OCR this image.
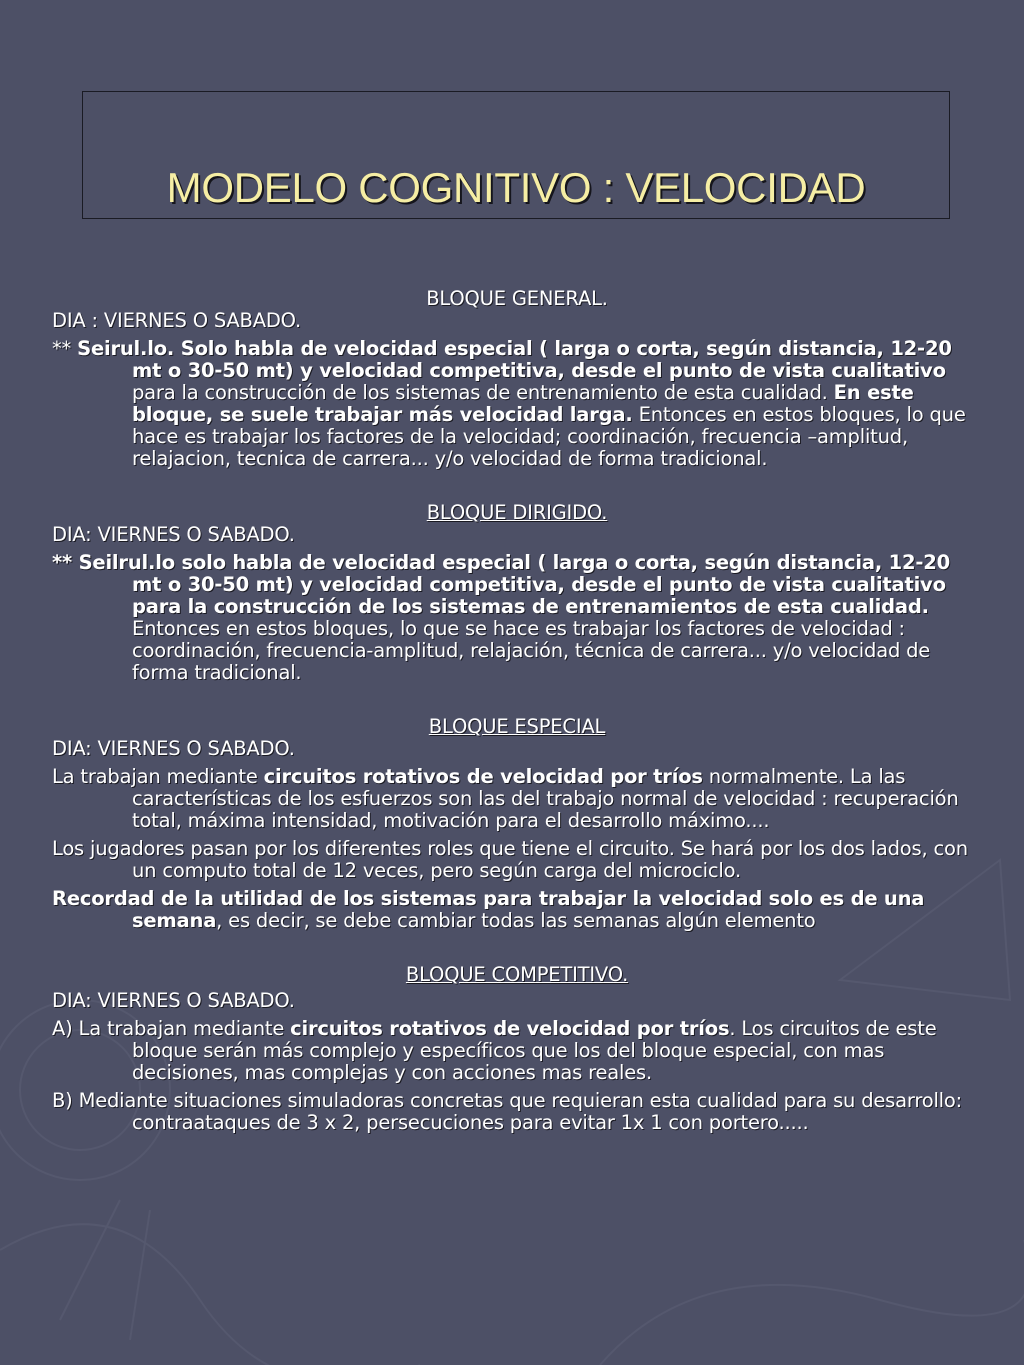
MODELO COGNITIVO : VELOCIDAD

BLOQUE GENERAL.

DIA : VIERNES O SABADO.

** Seirul.lo. Solo habla de velocidad especial ( larga o corta, según distancia, 12-20 mt o 30-50 mt) y velocidad competitiva, desde el punto de vista cualitativo para la construcción de los sistemas de entrenamiento de esta cualidad. En este bloque, se suele trabajar más velocidad larga. Entonces en estos bloques, lo que hace es trabajar los factores de la velocidad; coordinación, frecuencia –amplitud, relajacion, tecnica de carrera... y/o velocidad de forma tradicional.

BLOQUE DIRIGIDO.

DIA: VIERNES O SABADO.

** Seilrul.lo solo habla de velocidad especial ( larga o corta, según distancia, 12-20 mt o 30-50 mt) y velocidad competitiva, desde el punto de vista cualitativo para la construcción de los sistemas de entrenamientos de esta cualidad. Entonces en estos bloques, lo que se hace es trabajar los factores de velocidad : coordinación, frecuencia-amplitud, relajación, técnica de carrera... y/o velocidad de forma tradicional.

BLOQUE ESPECIAL

DIA: VIERNES O SABADO.

La trabajan mediante circuitos rotativos de velocidad por tríos normalmente. La las características de los esfuerzos son las del trabajo normal de velocidad : recuperación total, máxima intensidad, motivación para el desarrollo máximo....

Los jugadores pasan por los diferentes roles que tiene el circuito. Se hará por los dos lados, con un computo total de 12 veces, pero según carga del microciclo.

Recordad de la utilidad de los sistemas para trabajar la velocidad solo es de una semana, es decir, se debe cambiar todas las semanas algún elemento

BLOQUE COMPETITIVO.

DIA: VIERNES O SABADO.

A) La trabajan mediante circuitos rotativos de velocidad por tríos. Los circuitos de este bloque serán más complejo y específicos que los del bloque especial, con mas decisiones, mas complejas y con acciones mas reales.

B) Mediante situaciones simuladoras concretas que requieran esta cualidad para su desarrollo: contraataques de 3 x 2, persecuciones para evitar 1x 1 con portero.....
